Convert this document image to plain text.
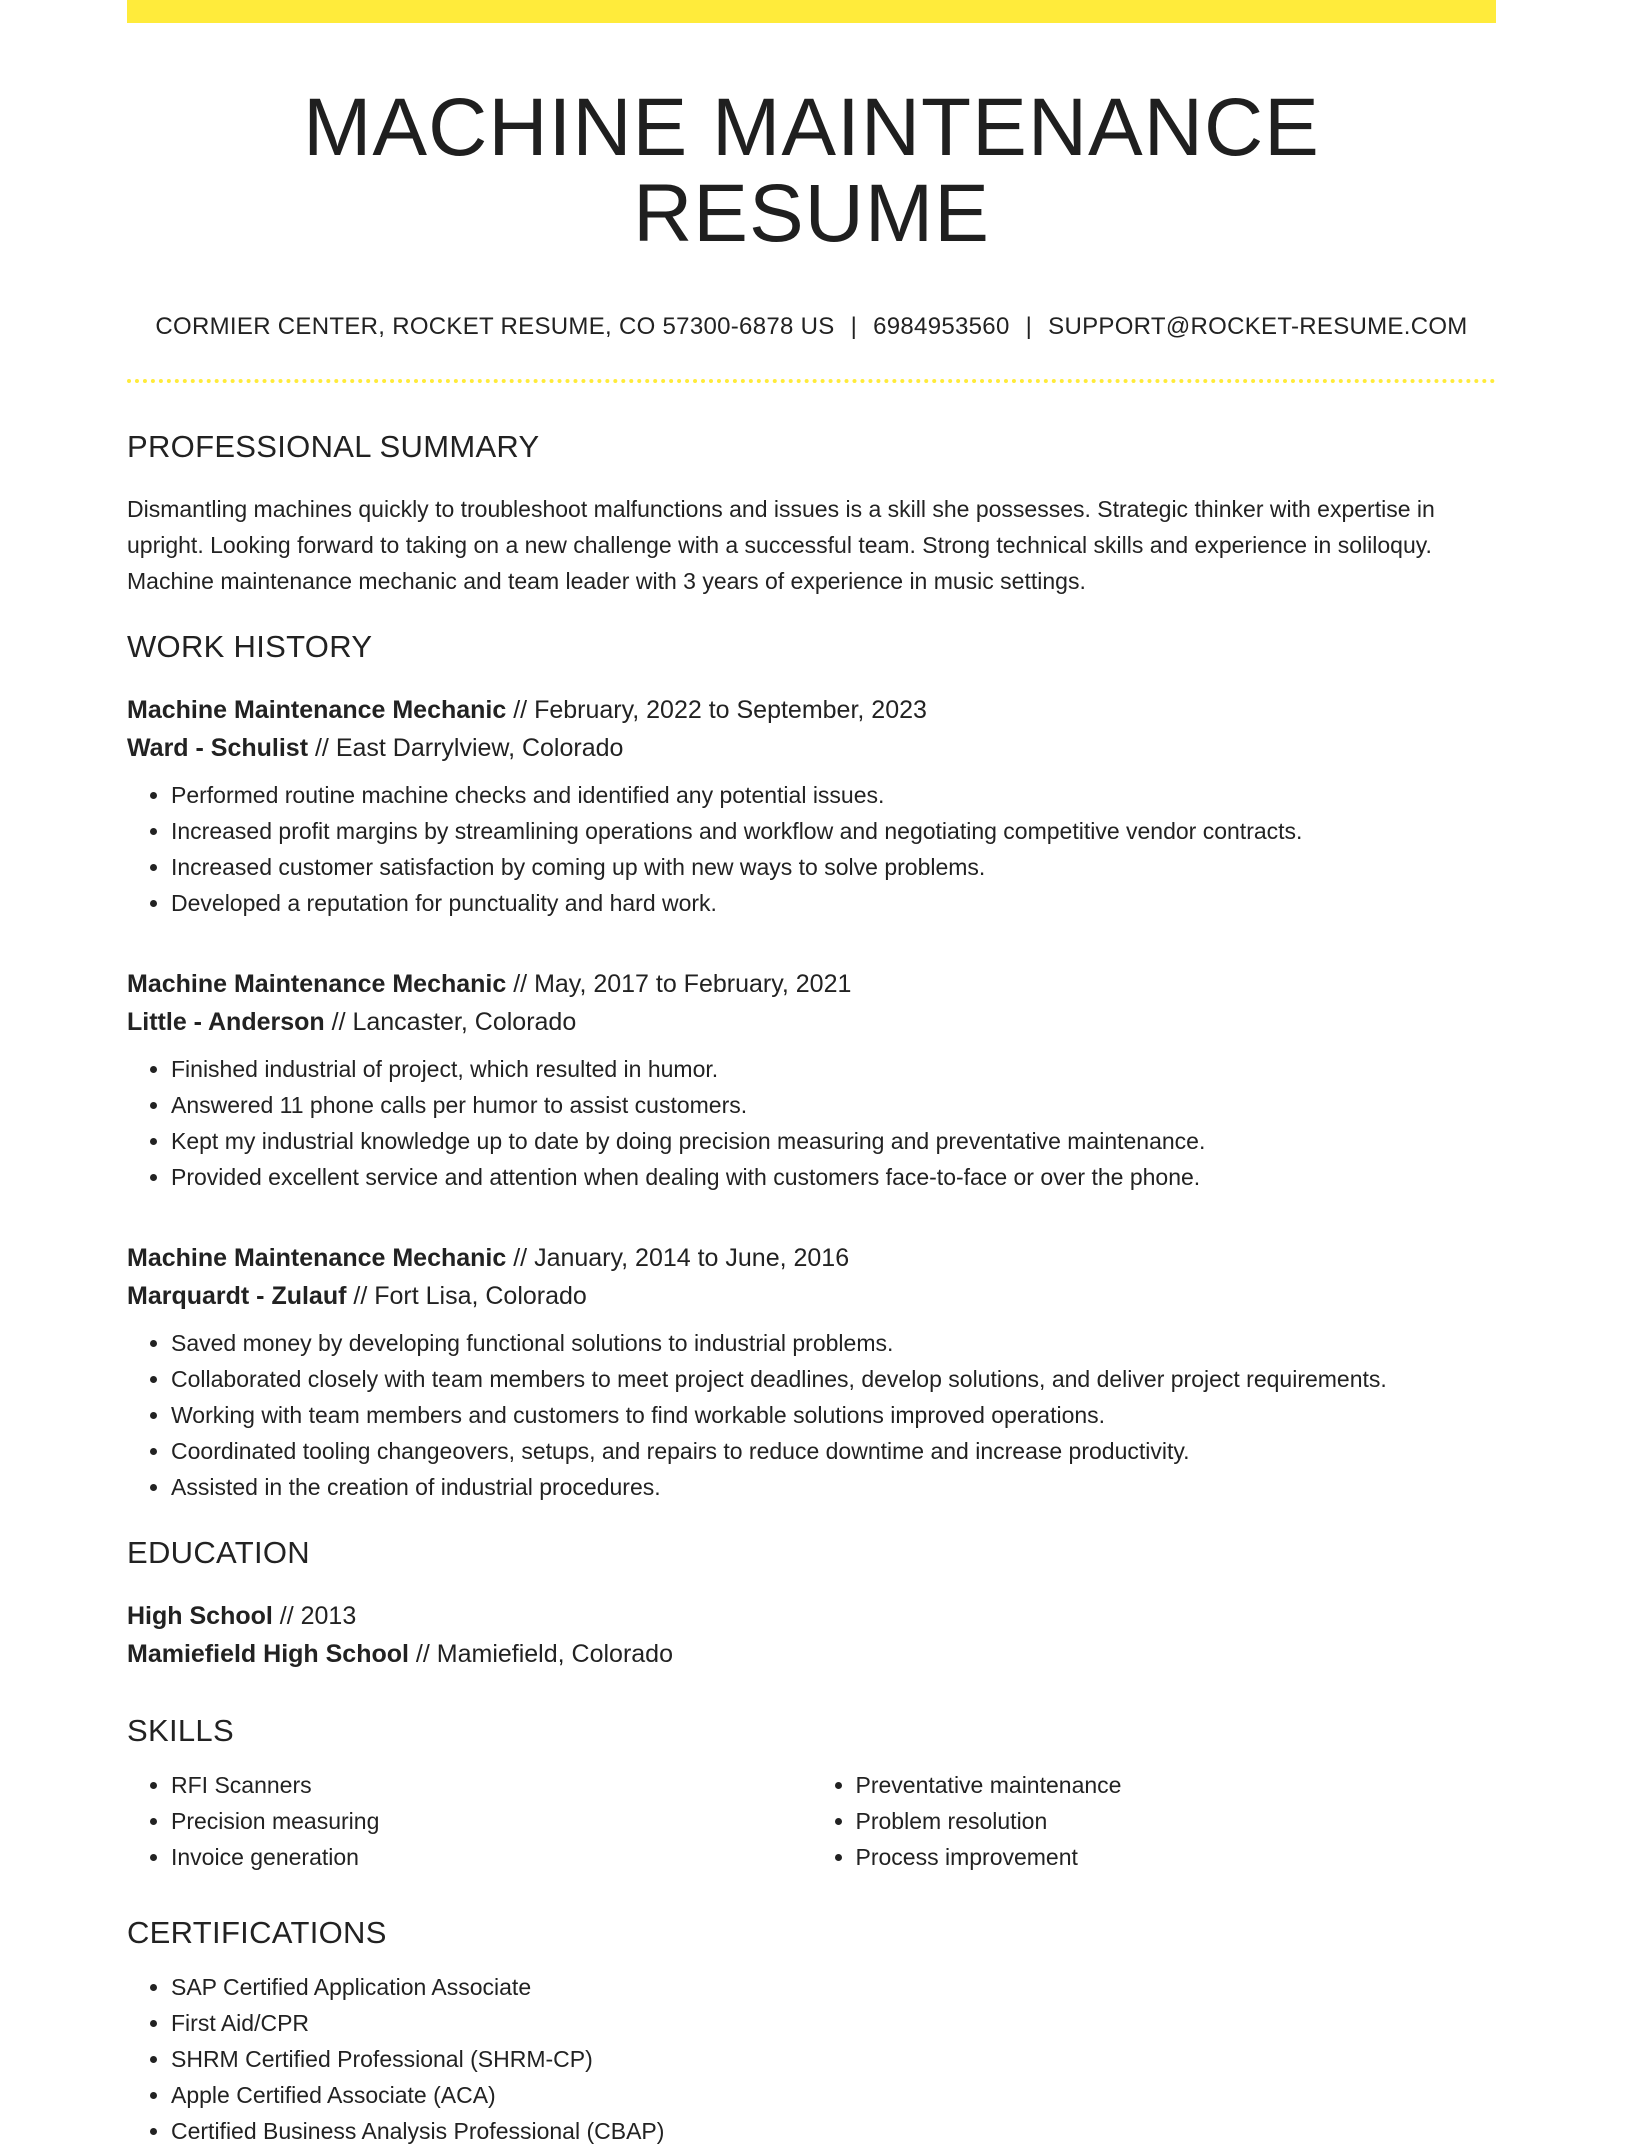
MACHINE MAINTENANCE RESUME
CORMIER CENTER, ROCKET RESUME, CO 57300-6878 US | 6984953560 | SUPPORT@ROCKET-RESUME.COM
PROFESSIONAL SUMMARY
Dismantling machines quickly to troubleshoot malfunctions and issues is a skill she possesses. Strategic thinker with expertise in upright. Looking forward to taking on a new challenge with a successful team. Strong technical skills and experience in soliloquy. Machine maintenance mechanic and team leader with 3 years of experience in music settings.
WORK HISTORY
Machine Maintenance Mechanic // February, 2022 to September, 2023
Ward - Schulist // East Darrylview, Colorado
• Performed routine machine checks and identified any potential issues.
• Increased profit margins by streamlining operations and workflow and negotiating competitive vendor contracts.
• Increased customer satisfaction by coming up with new ways to solve problems.
• Developed a reputation for punctuality and hard work.
Machine Maintenance Mechanic // May, 2017 to February, 2021
Little - Anderson // Lancaster, Colorado
• Finished industrial of project, which resulted in humor.
• Answered 11 phone calls per humor to assist customers.
• Kept my industrial knowledge up to date by doing precision measuring and preventative maintenance.
• Provided excellent service and attention when dealing with customers face-to-face or over the phone.
Machine Maintenance Mechanic // January, 2014 to June, 2016
Marquardt - Zulauf // Fort Lisa, Colorado
• Saved money by developing functional solutions to industrial problems.
• Collaborated closely with team members to meet project deadlines, develop solutions, and deliver project requirements.
• Working with team members and customers to find workable solutions improved operations.
• Coordinated tooling changeovers, setups, and repairs to reduce downtime and increase productivity.
• Assisted in the creation of industrial procedures.
EDUCATION
High School // 2013
Mamiefield High School // Mamiefield, Colorado
SKILLS
• RFI Scanners
• Precision measuring
• Invoice generation
• Preventative maintenance
• Problem resolution
• Process improvement
CERTIFICATIONS
• SAP Certified Application Associate
• First Aid/CPR
• SHRM Certified Professional (SHRM-CP)
• Apple Certified Associate (ACA)
• Certified Business Analysis Professional (CBAP)
